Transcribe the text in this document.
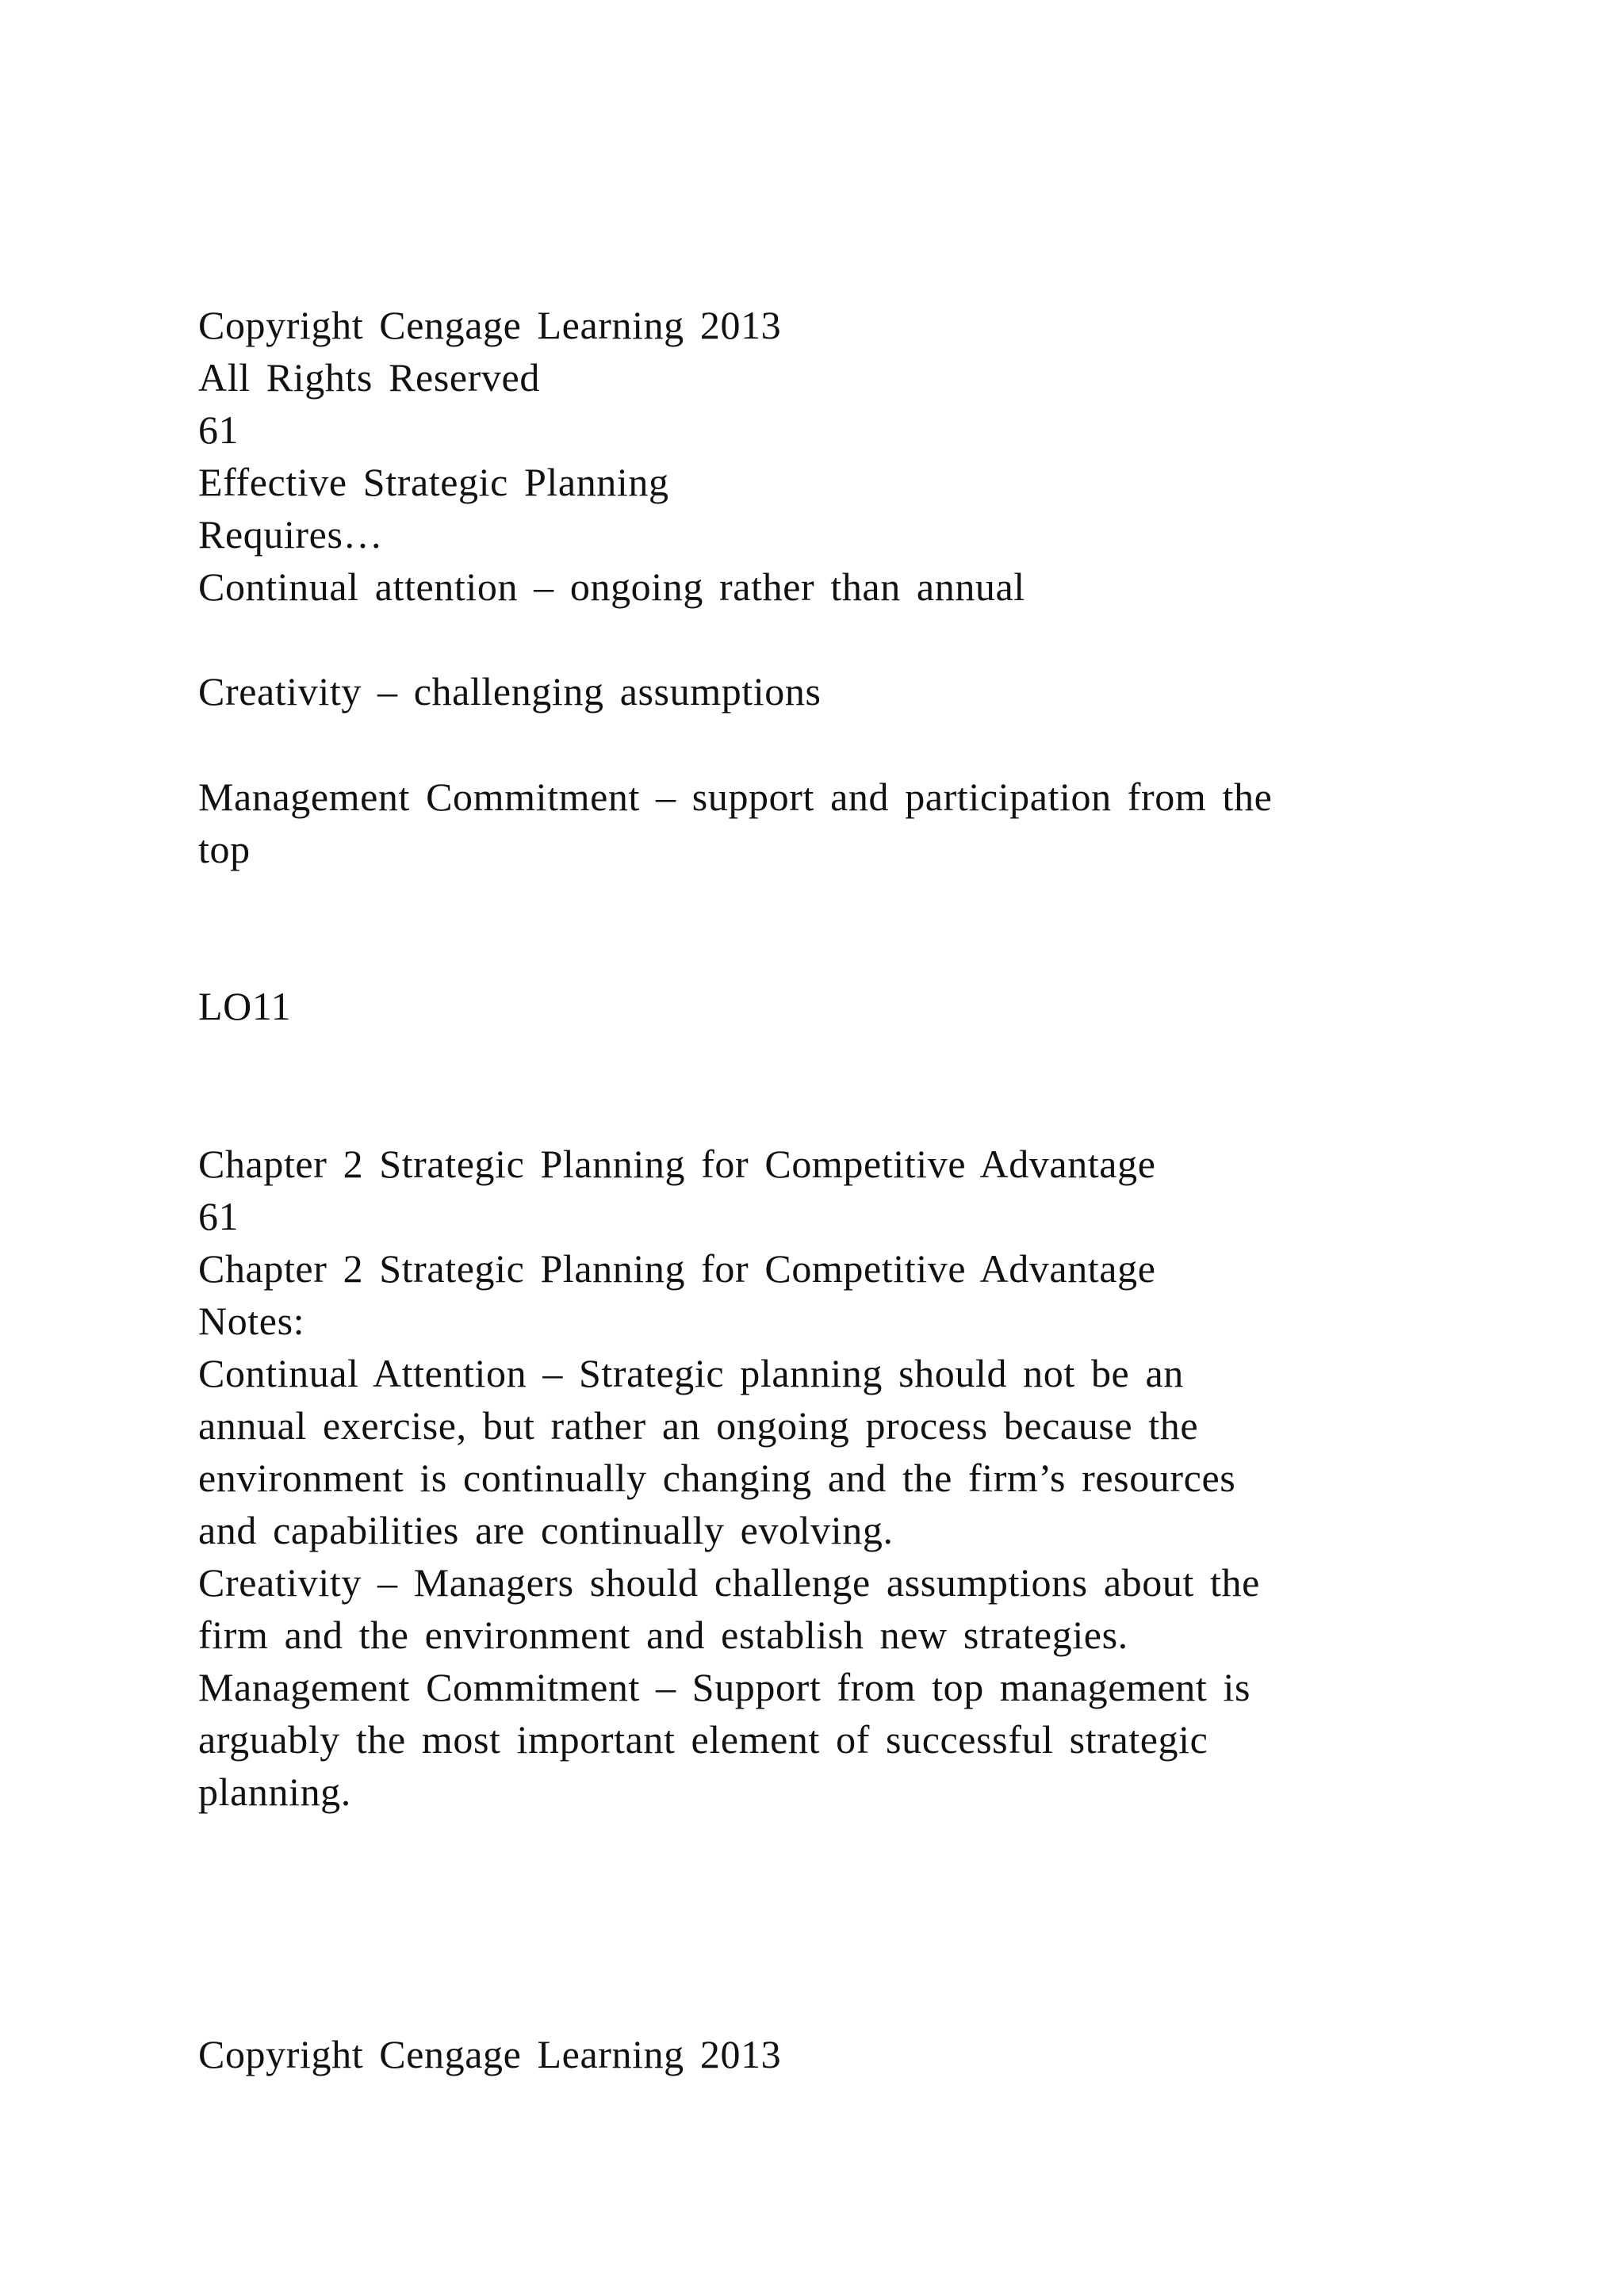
Copyright Cengage Learning 2013

All Rights Reserved

61

Effective Strategic Planning

Requires…

Continual attention – ongoing rather than annual

Creativity – challenging assumptions

Management Commitment – support and participation from the

top

LO11

Chapter 2 Strategic Planning for Competitive Advantage

61

Chapter 2 Strategic Planning for Competitive Advantage

Notes:

Continual Attention – Strategic planning should not be an

annual exercise, but rather an ongoing process because the

environment is continually changing and the firm’s resources

and capabilities are continually evolving.

Creativity – Managers should challenge assumptions about the

firm and the environment and establish new strategies.

Management Commitment – Support from top management is

arguably the most important element of successful strategic

planning.

Copyright Cengage Learning 2013
